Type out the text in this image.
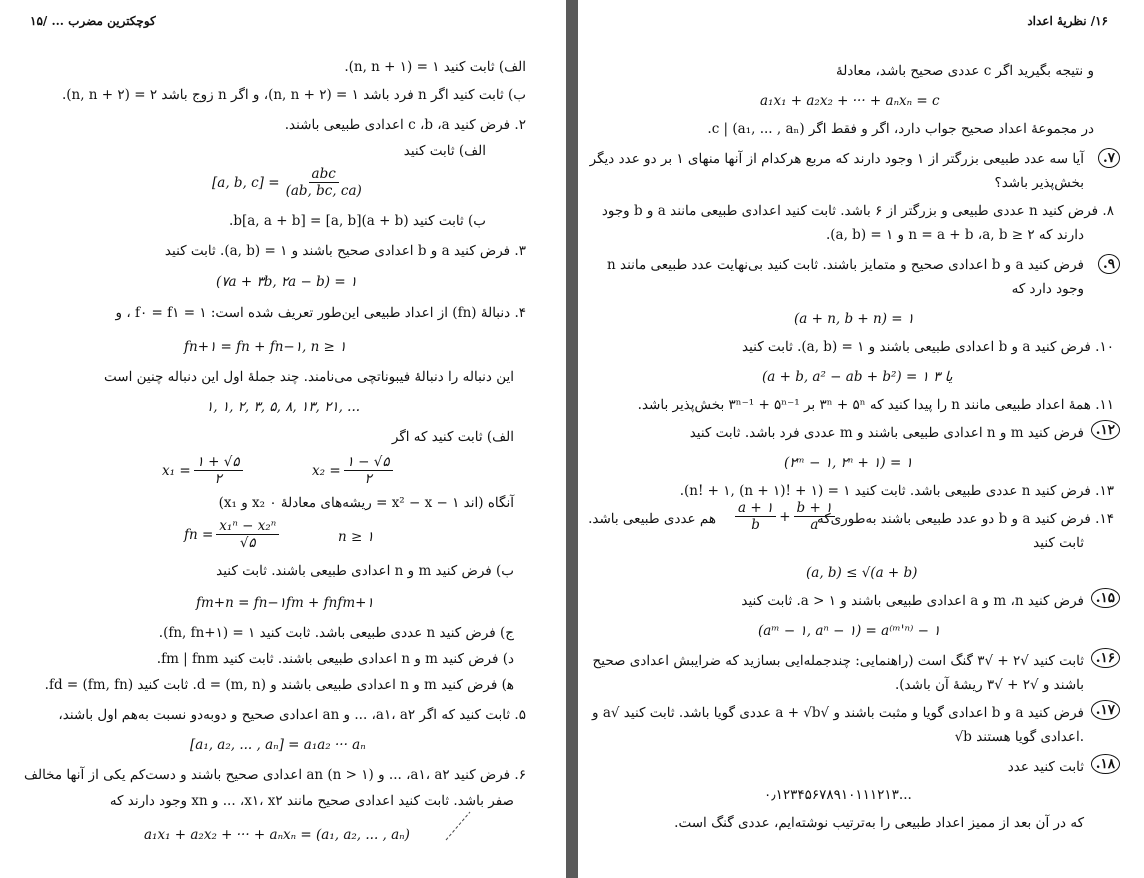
کوچکترین مضرب ... /۱۵
الف) ثابت کنید ۱ = (n, n + ۱).
ب) ثابت کنید اگر n فرد باشد ۱ = (n, n + ۲)، و اگر n زوج باشد ۲ = (n, n + ۲).
۲. فرض کنید c ،b ،a اعدادی طبیعی باشند.
الف) ثابت کنید
[a, b, c] =
abc
(ab, bc, ca)
ب) ثابت کنید (a + b)[a, b] = b[a, a + b].
۳. فرض کنید a و b اعدادی صحیح باشند و ۱ = (a, b). ثابت کنید
(۷a + ۳b, ۲a − b) = ۱
۴. دنبالهٔ (fn) از اعداد طبیعی این‌طور تعریف شده است: ۱ = f۰ = f۱ ، و
fn+۱ = fn + fn−۱, n ≥ ۱
این دنباله را دنبالهٔ فیبوناتچی می‌نامند. چند جملهٔ اول این دنباله چنین است
۱, ۱, ۲, ۳, ۵, ۸, ۱۳, ۲۱, ...
الف) ثابت کنید که اگر
x₁ =
۱ + √۵
۲
x₂ =
۱ − √۵
۲
(x₁ و x₂ ریشه‌های معادلهٔ ۰ = x² − x − ۱ اند) آنگاه
fn =
x₁ⁿ − x₂ⁿ
√۵	n ≥ ۱
ب) فرض کنید m و n اعدادی طبیعی باشند. ثابت کنید
fm+n = fn−۱fm + fnfm+۱
ج) فرض کنید n عددی طبیعی باشد. ثابت کنید ۱ = (fn, fn+۱).
د) فرض کنید m و n اعدادی طبیعی باشند. ثابت کنید fm | fnm.
ﻫ) فرض کنید m و n اعدادی طبیعی باشند و (m, n) = d. ثابت کنید (fm, fn) = fd.
۵. ثابت کنید که اگر a۱، a۲، ... و an اعدادی صحیح و دوبه‌دو نسبت به‌هم اول باشند،
[a₁, a₂, ... , aₙ] = a₁a₂ ··· aₙ
۶. فرض کنید a۱، a۲، ... و an (n > ۱) اعدادی صحیح باشند و دست‌کم یکی از آنها مخالف
صفر باشد. ثابت کنید اعدادی صحیح مانند x۱، x۲، ... و xn وجود دارند که
a₁x₁ + a₂x₂ + ··· + aₙxₙ = (a₁, a₂, ... , aₙ)
۱۶/ نظریهٔ اعداد
و نتیجه بگیرید اگر c عددی صحیح باشد، معادلهٔ
a₁x₁ + a₂x₂ + ··· + aₙxₙ = c
در مجموعهٔ اعداد صحیح جواب دارد، اگر و فقط اگر c | (a₁, ... , aₙ).
۷.
آیا سه عدد طبیعی بزرگتر از ۱ وجود دارند که مربع هرکدام از آنها منهای ۱ بر دو عدد دیگر
بخش‌پذیر باشد؟
۸. فرض کنید n عددی طبیعی و بزرگتر از ۶ باشد. ثابت کنید اعدادی طبیعی مانند a و b وجود
دارند که n = a + b ،a, b ≥ ۲ و ۱ = (a, b).
۹.
فرض کنید a و b اعدادی صحیح و متمایز باشند. ثابت کنید بی‌نهایت عدد طبیعی مانند n
وجود دارد که
(a + n, b + n) = ۱
۱۰. فرض کنید a و b اعدادی طبیعی باشند و ۱ = (a, b). ثابت کنید
(a + b, a² − ab + b²) = ۱ یا ۳
۱۱. همهٔ اعداد طبیعی مانند n را پیدا کنید که ۳ⁿ + ۵ⁿ بر ۳ⁿ⁻¹ + ۵ⁿ⁻¹ بخش‌پذیر باشد.
۱۲.
فرض کنید m و n اعدادی طبیعی باشند و m عددی فرد باشد. ثابت کنید
(۲ᵐ − ۱, ۲ⁿ + ۱) = ۱
۱۳. فرض کنید n عددی طبیعی باشد. ثابت کنید ۱ = (n! + ۱, (n + ۱)! + ۱).
۱۴. فرض کنید a و b دو عدد طبیعی باشند به‌طوری‌که
a + ۱
b
+ $\frac{b + ۱}{a}$
هم عددی طبیعی باشد.
ثابت کنید
(a, b) ≤ √(a + b)
۱۵.
فرض کنید m ،n و a اعدادی طبیعی باشند و a > ۱. ثابت کنید
(aᵐ − ۱, aⁿ − ۱) = a⁽ᵐ'ⁿ⁾ − ۱
۱۶.
ثابت کنید √۲ + √۳ گنگ است (راهنمایی: چندجمله‌ایی بسازید که ضرایبش اعدادی صحیح
باشند و √۲ + √۳ ریشهٔ آن باشد).
۱۷.
فرض کنید a و b اعدادی گویا و مثبت باشند و √a + √b عددی گویا باشد. ثابت کنید √a و
√b اعدادی گویا هستند.
۱۸.
ثابت کنید عدد
۰٫۱۲۳۴۵۶۷۸۹۱۰۱۱۱۲۱۳...
که در آن بعد از ممیز اعداد طبیعی را به‌ترتیب نوشته‌ایم، عددی گنگ است.
